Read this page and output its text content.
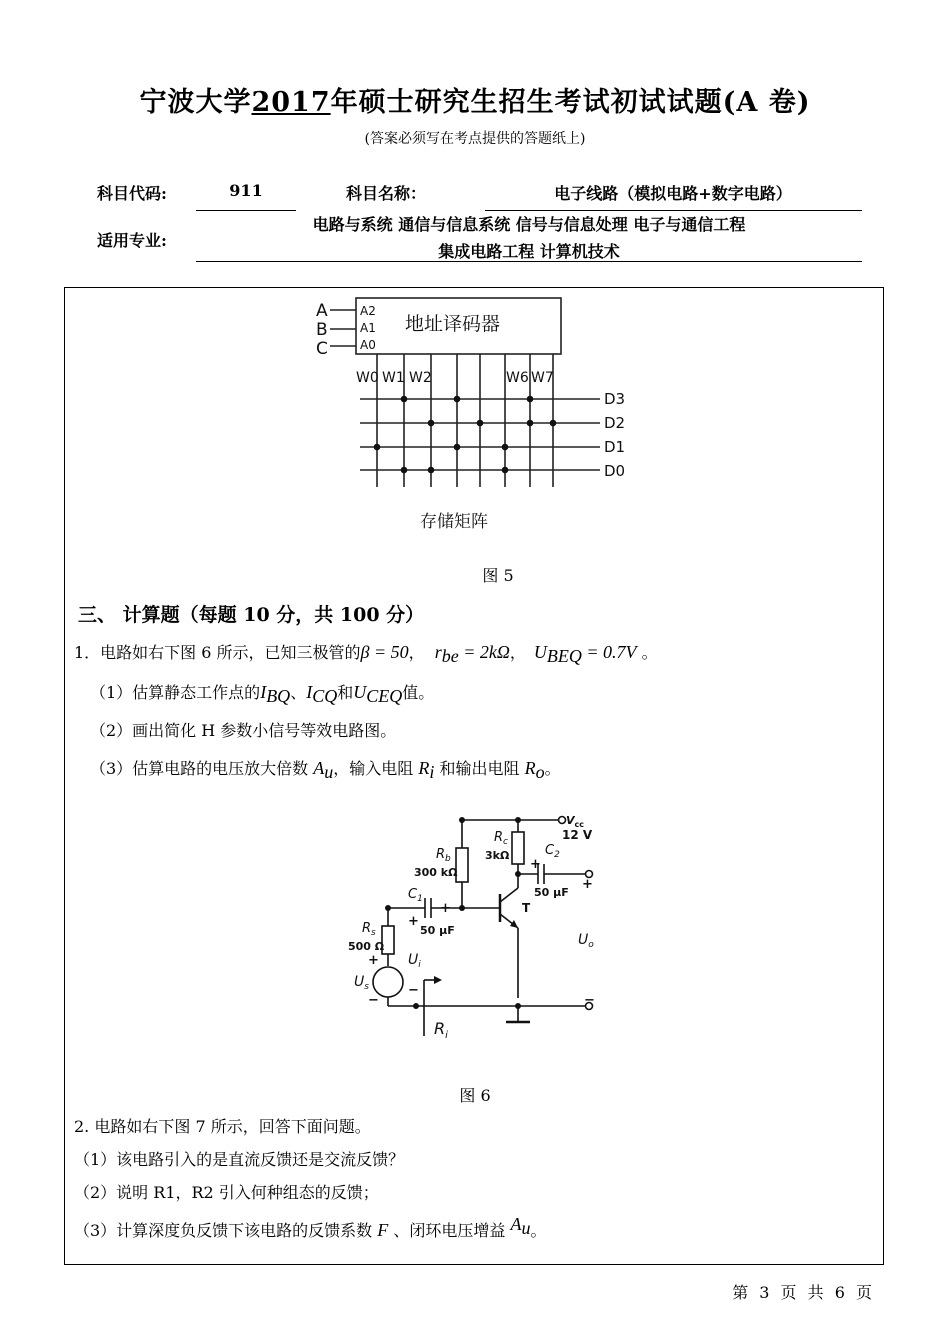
宁波大学2017年硕士研究生招生考试初试试题(A 卷)
(答案必须写在考点提供的答题纸上)
科目代码:	911	科目名称：	电子线路（模拟电路+数字电路）
适用专业:
电路与系统 通信与信息系统 信号与信息处理 电子与通信工程
集成电路工程 计算机技术
地址译码器
A
B
C
A2
A1
A0
W0 W1 W2	W6 W7
D3
D2
D1
D0
存储矩阵
图 5
三、 计算题（每题 10 分，共 100 分）
1．电路如右下图 6 所示，已知三极管的β = 50， $r_{be} = 2k\Omega$， $U_{BEQ} = 0.7V$ 。
（1）估算静态工作点的$I_{BQ}$、$I_{CQ}$和$U_{CEQ}$值。
（2）画出简化 H 参数小信号等效电路图。
（3）估算电路的电压放大倍数 $A_u$，输入电阻 $R_i$ 和输出电阻 $R_o$。
$V_{cc}$
12 V
$R_b$
300 kΩ
$R_c$
3kΩ	$C_2$
+
50 μF
+
$C_1$
+
+
50 μF
T
$R_s$
500 Ω
+
−
$U_s$
$U_i$
−
$U_o$
−
$R_i$
图 6
2. 电路如右下图 7 所示，回答下面问题。
（1）该电路引入的是直流反馈还是交流反馈？
（2）说明 R1，R2 引入何种组态的反馈；
（3）计算深度负反馈下该电路的反馈系数 F 、闭环电压增益 $A_u$。
第 3 页 共 6 页
